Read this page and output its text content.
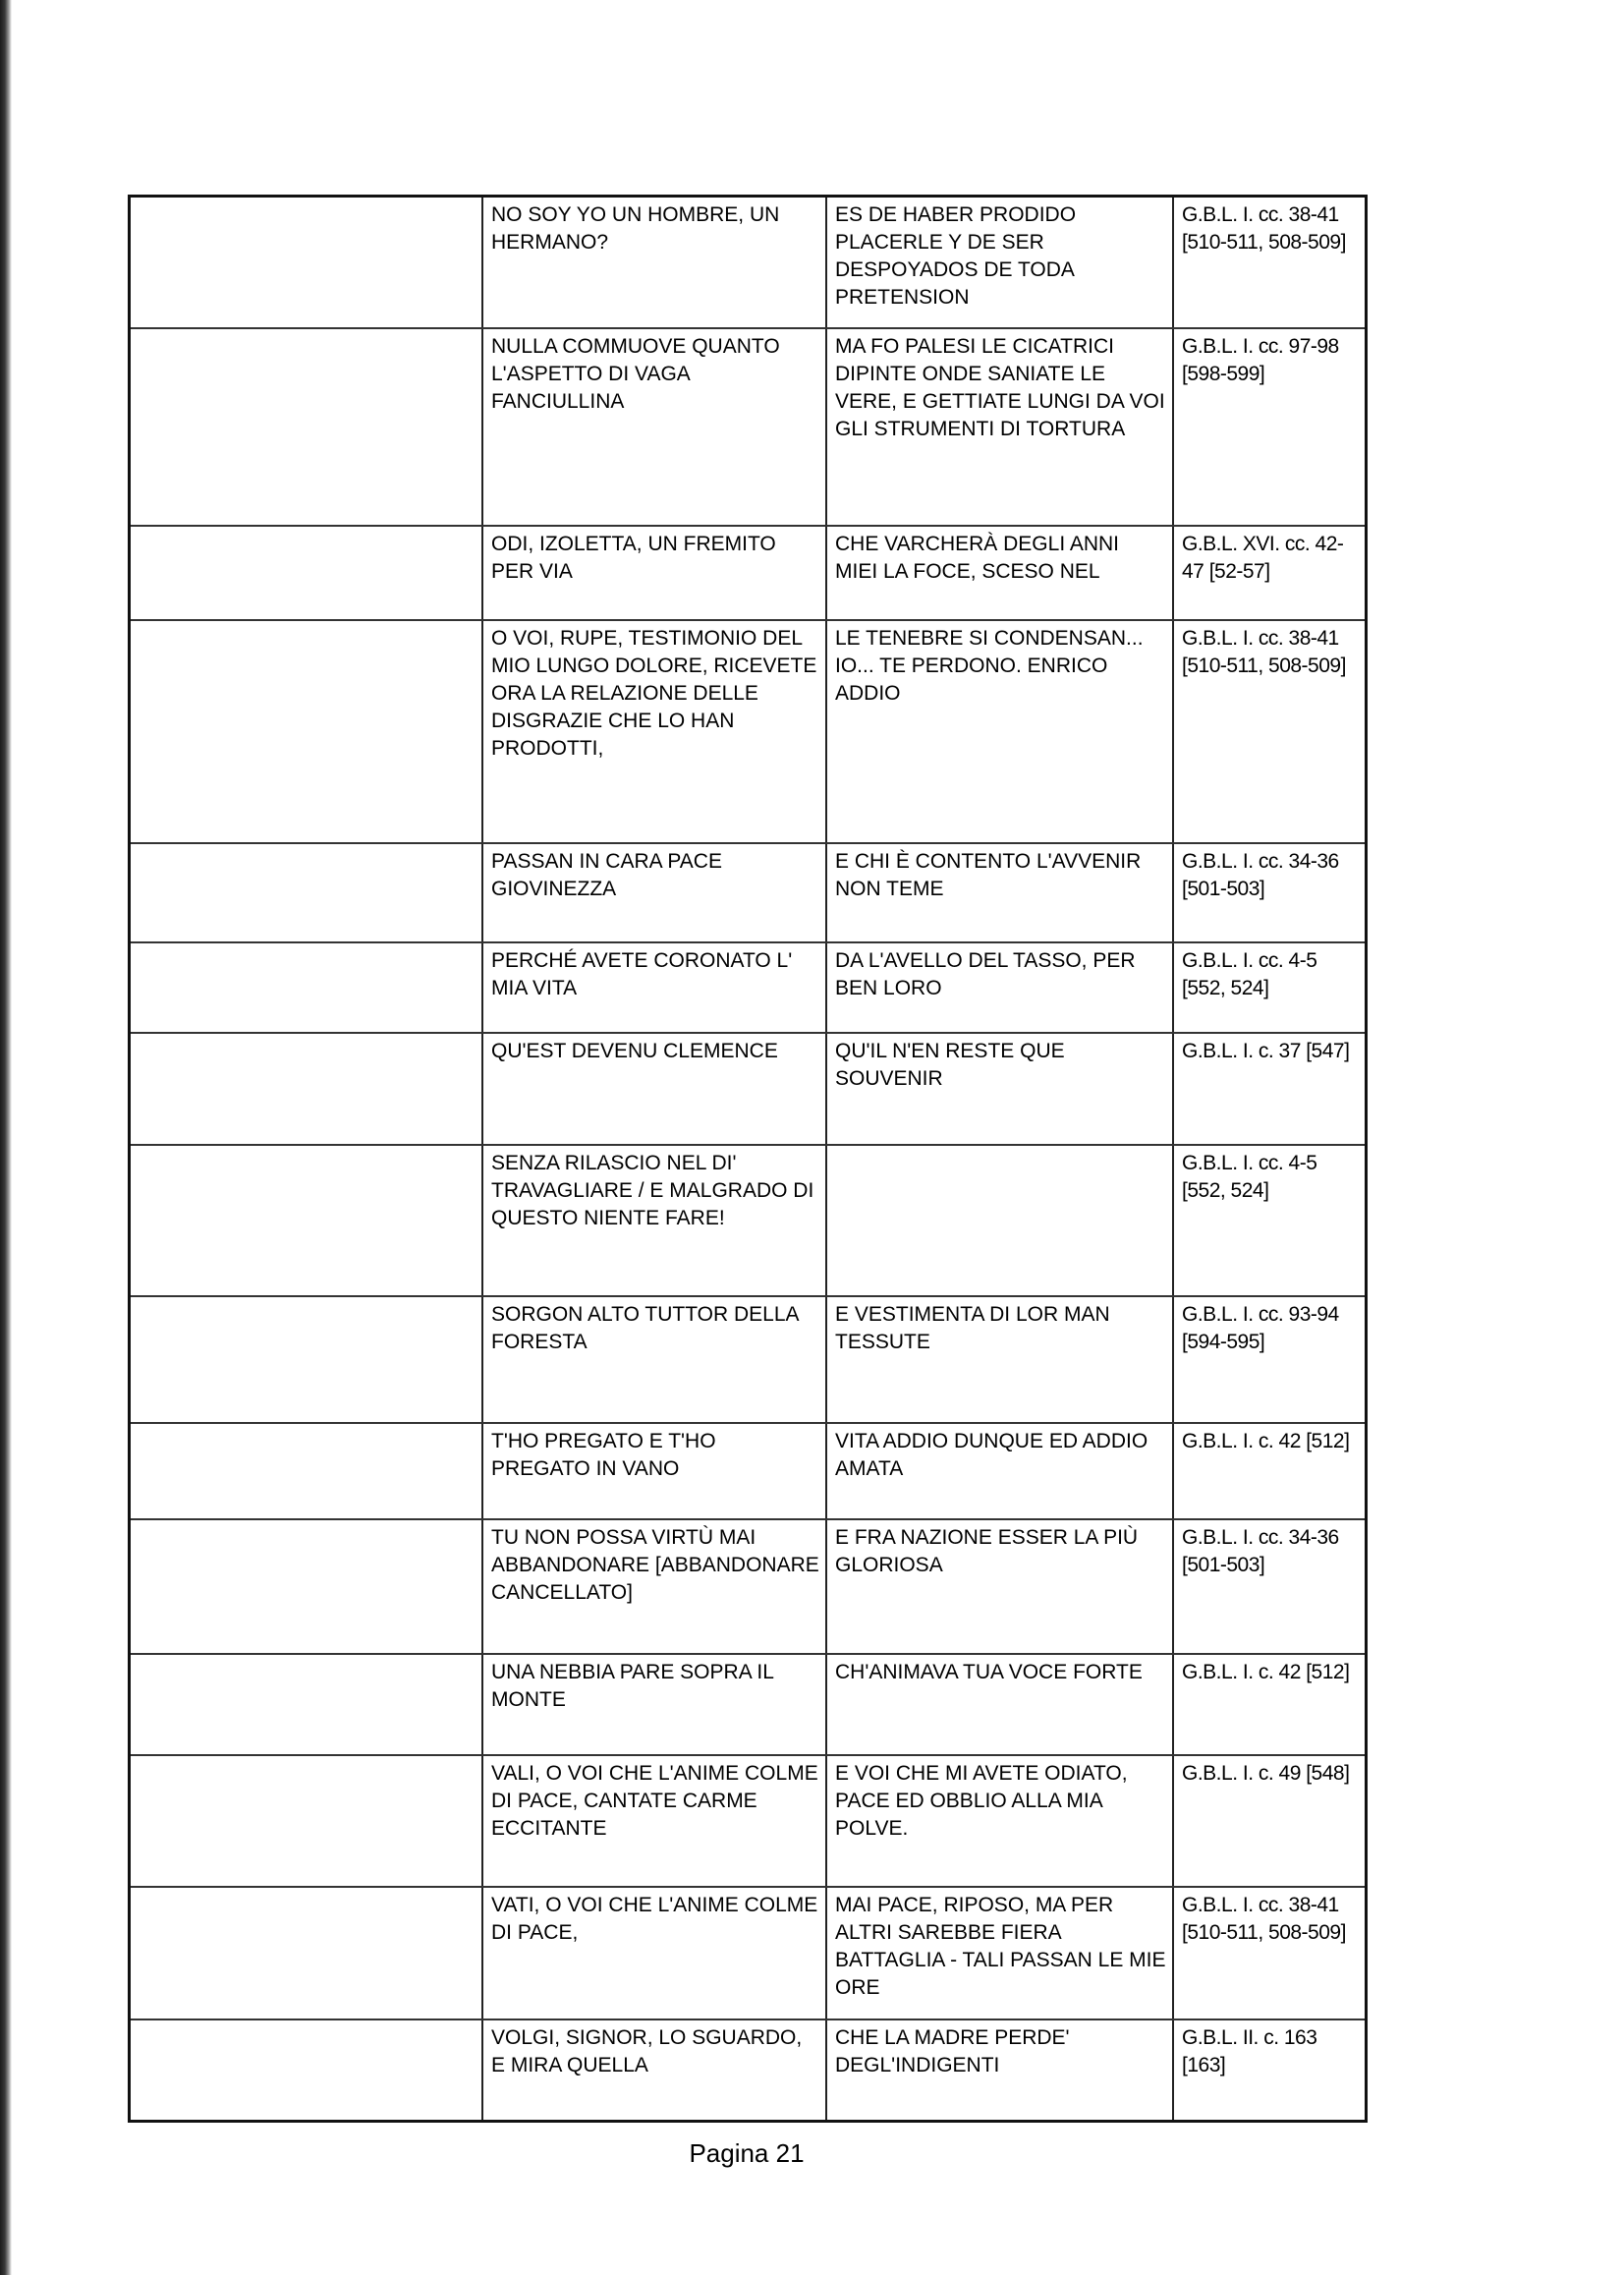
	NO SOY YO UN HOMBRE, UN HERMANO?	ES DE HABER PRODIDO PLACERLE Y DE SER DESPOYADOS DE TODA PRETENSION	G.B.L. I. cc. 38-41 [510-511, 508-509]
	NULLA COMMUOVE QUANTO L'ASPETTO DI VAGA FANCIULLINA	MA FO PALESI LE CICATRICI DIPINTE ONDE SANIATE LE VERE, E GETTIATE LUNGI DA VOI GLI STRUMENTI DI TORTURA	G.B.L. I. cc. 97-98 [598-599]
	ODI, IZOLETTA, UN FREMITO PER VIA	CHE VARCHERÀ DEGLI ANNI MIEI LA FOCE, SCESO NEL	G.B.L. XVI. cc. 42-47 [52-57]
	O VOI, RUPE, TESTIMONIO DEL MIO LUNGO DOLORE, RICEVETE ORA LA RELAZIONE DELLE DISGRAZIE CHE LO HAN PRODOTTI,	LE TENEBRE SI CONDENSAN... IO... TE PERDONO. ENRICO ADDIO	G.B.L. I. cc. 38-41 [510-511, 508-509]
	PASSAN IN CARA PACE GIOVINEZZA	E CHI È CONTENTO L'AVVENIR NON TEME	G.B.L. I. cc. 34-36 [501-503]
	PERCHÉ AVETE CORONATO L' MIA VITA	DA L'AVELLO DEL TASSO, PER BEN LORO	G.B.L. I. cc. 4-5 [552, 524]
	QU'EST DEVENU CLEMENCE	QU'IL N'EN RESTE QUE SOUVENIR	G.B.L. I. c. 37 [547]
	SENZA RILASCIO NEL DI' TRAVAGLIARE / E MALGRADO DI QUESTO NIENTE FARE!		G.B.L. I. cc. 4-5 [552, 524]
	SORGON ALTO TUTTOR DELLA FORESTA	E VESTIMENTA DI LOR MAN TESSUTE	G.B.L. I. cc. 93-94 [594-595]
	T'HO PREGATO E T'HO PREGATO IN VANO	VITA ADDIO DUNQUE ED ADDIO AMATA	G.B.L. I. c. 42 [512]
	TU NON POSSA VIRTÙ MAI ABBANDONARE [ABBANDONARE CANCELLATO]	E FRA NAZIONE ESSER LA PIÙ GLORIOSA	G.B.L. I. cc. 34-36 [501-503]
	UNA NEBBIA PARE SOPRA IL MONTE	CH'ANIMAVA TUA VOCE FORTE	G.B.L. I. c. 42 [512]
	VALI, O VOI CHE L'ANIME COLME DI PACE, CANTATE CARME ECCITANTE	E VOI CHE MI AVETE ODIATO, PACE ED OBBLIO ALLA MIA POLVE.	G.B.L. I. c. 49 [548]
	VATI, O VOI CHE L'ANIME COLME DI PACE,	MAI PACE, RIPOSO, MA PER ALTRI SAREBBE FIERA BATTAGLIA - TALI PASSAN LE MIE ORE	G.B.L. I. cc. 38-41 [510-511, 508-509]
	VOLGI, SIGNOR, LO SGUARDO, E MIRA QUELLA	CHE LA MADRE PERDE' DEGL'INDIGENTI	G.B.L. II. c. 163 [163]
Pagina 21
